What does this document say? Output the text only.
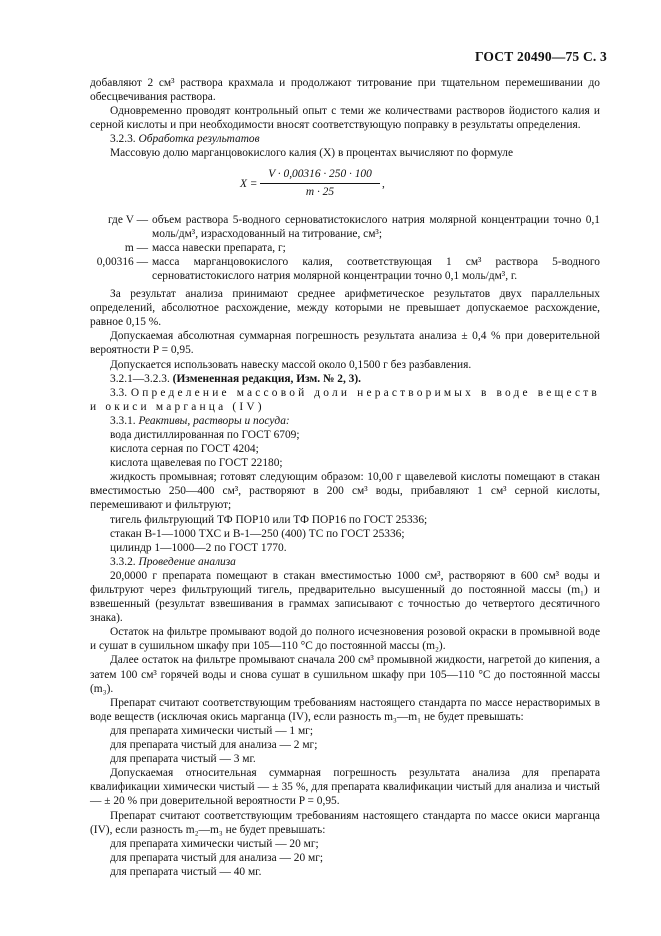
ГОСТ 20490—75 С. 3

добавляют 2 см³ раствора крахмала и продолжают титрование при тщательном перемешивании до обесцвечивания раствора.

Одновременно проводят контрольный опыт с теми же количествами растворов йодистого калия и серной кислоты и при необходимости вносят соответствующую поправку в результаты определения.

3.2.3. Обработка результатов

Массовую долю марганцовокислого калия (X) в процентах вычисляют по формуле

$X = \frac{V \cdot 0,00316 \cdot 250 \cdot 100}{m \cdot 25}$ ,
где V — объем раствора 5-водного серноватистокислого натрия молярной концентрации точно 0,1 моль/дм³, израсходованный на титрование, см³;
m — масса навески препарата, г;
0,00316 — масса марганцовокислого калия, соответствующая 1 см³ раствора 5-водного серноватистокислого натрия молярной концентрации точно 0,1 моль/дм³, г.

За результат анализа принимают среднее арифметическое результатов двух параллельных определений, абсолютное расхождение, между которыми не превышает допускаемое расхождение, равное 0,15 %.

Допускаемая абсолютная суммарная погрешность результата анализа ± 0,4 % при доверительной вероятности P = 0,95.

Допускается использовать навеску массой около 0,1500 г без разбавления.

3.2.1—3.2.3. (Измененная редакция, Изм. № 2, 3).

3.3. Определение массовой доли нерастворимых в воде веществ и окиси марганца (IV)

3.3.1. Реактивы, растворы и посуда:

вода дистиллированная по ГОСТ 6709;

кислота серная по ГОСТ 4204;

кислота щавелевая по ГОСТ 22180;

жидкость промывная; готовят следующим образом: 10,00 г щавелевой кислоты помещают в стакан вместимостью 250—400 см³, растворяют в 200 см³ воды, прибавляют 1 см³ серной кислоты, перемешивают и фильтруют;

тигель фильтрующий ТФ ПОР10 или ТФ ПОР16 по ГОСТ 25336;

стакан В-1—1000 ТХС и В-1—250 (400) ТС по ГОСТ 25336;

цилиндр 1—1000—2 по ГОСТ 1770.

3.3.2. Проведение анализа

20,0000 г препарата помещают в стакан вместимостью 1000 см³, растворяют в 600 см³ воды и фильтруют через фильтрующий тигель, предварительно высушенный до постоянной массы (m₁) и взвешенный (результат взвешивания в граммах записывают с точностью до четвертого десятичного знака).

Остаток на фильтре промывают водой до полного исчезновения розовой окраски в промывной воде и сушат в сушильном шкафу при 105—110 °С до постоянной массы (m₂).

Далее остаток на фильтре промывают сначала 200 см³ промывной жидкости, нагретой до кипения, а затем 100 см³ горячей воды и снова сушат в сушильном шкафу при 105—110 °С до постоянной массы (m₃).

Препарат считают соответствующим требованиям настоящего стандарта по массе нерастворимых в воде веществ (исключая окись марганца (IV), если разность m₃—m₁ не будет превышать:

для препарата химически чистый — 1 мг;

для препарата чистый для анализа — 2 мг;

для препарата чистый — 3 мг.

Допускаемая относительная суммарная погрешность результата анализа для препарата квалификации химически чистый — ± 35 %, для препарата квалификации чистый для анализа и чистый — ± 20 % при доверительной вероятности P = 0,95.

Препарат считают соответствующим требованиям настоящего стандарта по массе окиси марганца (IV), если разность m₂—m₃ не будет превышать:

для препарата химически чистый — 20 мг;

для препарата чистый для анализа — 20 мг;

для препарата чистый — 40 мг.
